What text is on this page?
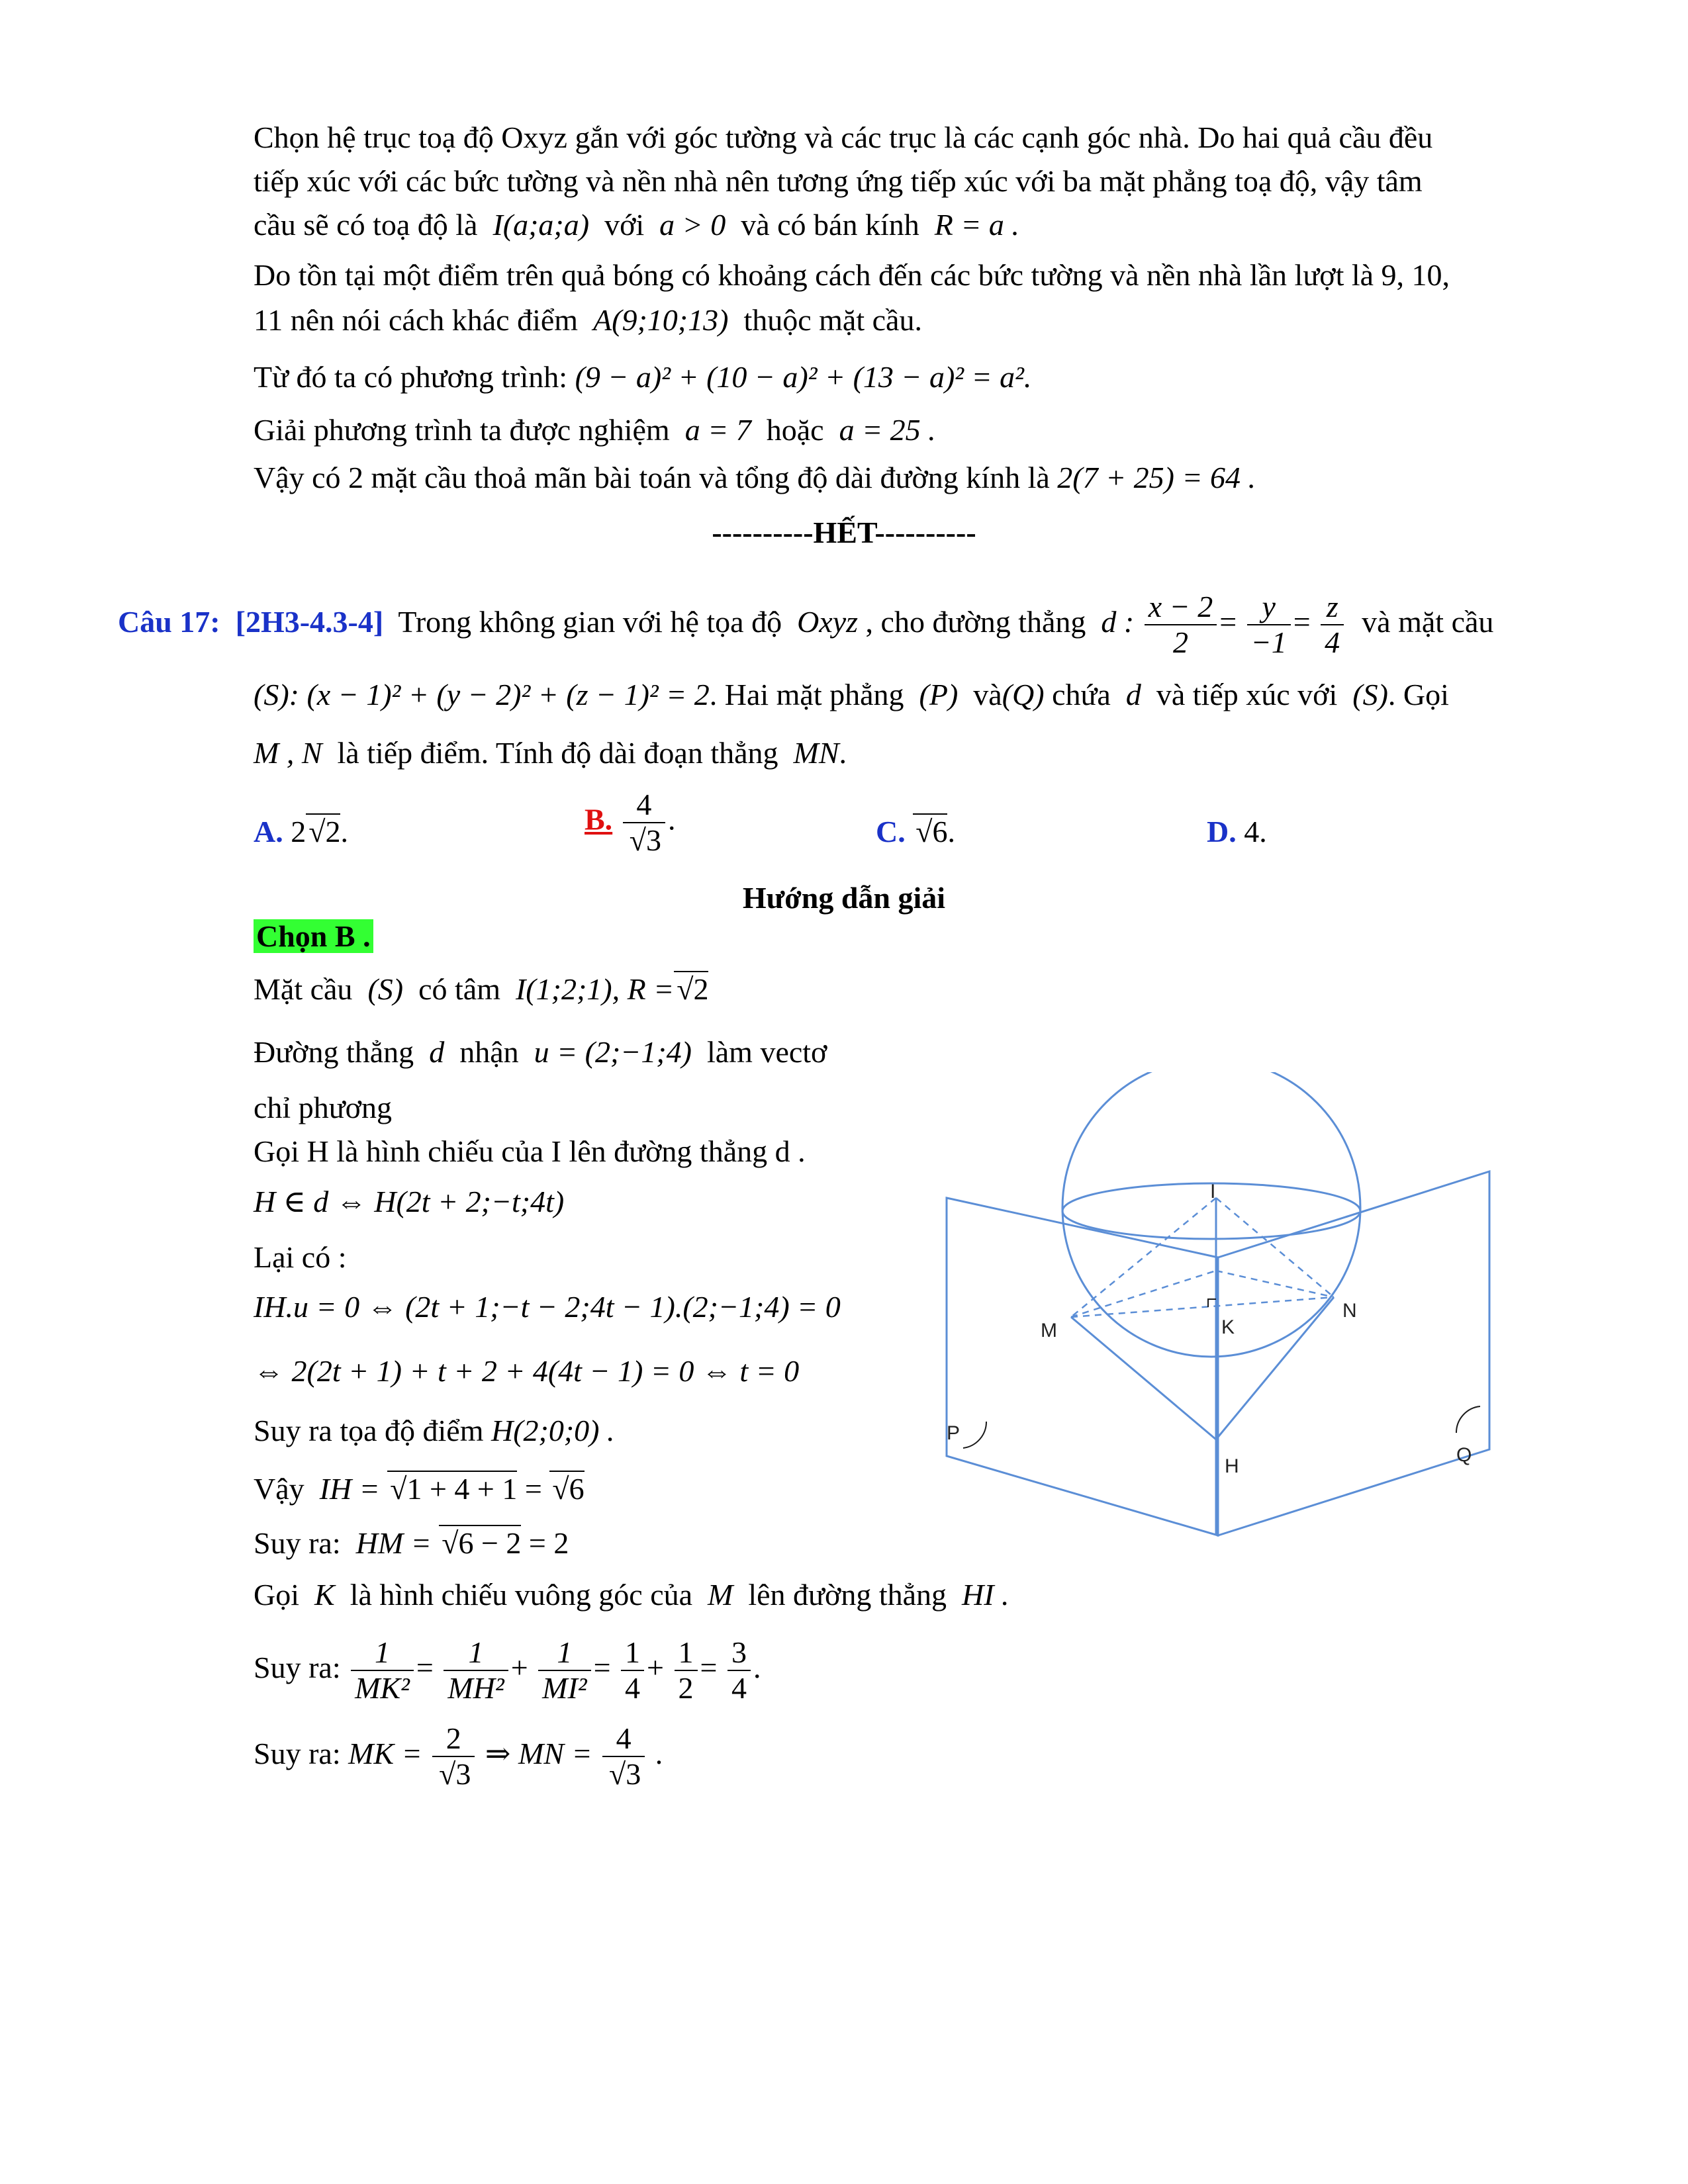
Chọn hệ trục toạ độ Oxyz gắn với góc tường và các trục là các cạnh góc nhà. Do hai quả cầu đều
tiếp xúc với các bức tường và nền nhà nên tương ứng tiếp xúc với ba mặt phẳng toạ độ, vậy tâm
cầu sẽ có toạ độ là I(a;a;a) với a > 0 và có bán kính R = a .
Do tồn tại một điểm trên quả bóng có khoảng cách đến các bức tường và nền nhà lần lượt là 9, 10,
11 nên nói cách khác điểm A(9;10;13) thuộc mặt cầu.
Từ đó ta có phương trình: (9 − a)² + (10 − a)² + (13 − a)² = a².
Giải phương trình ta được nghiệm a = 7 hoặc a = 25 .
Vậy có 2 mặt cầu thoả mãn bài toán và tổng độ dài đường kính là 2(7 + 25) = 64 .
----------HẾT----------
Câu 17: [2H3-4.3-4] Trong không gian với hệ tọa độ Oxyz , cho đường thẳng d : $\frac{x - 2}{2} = \frac{y}{-1} = \frac{z}{4}$ và mặt cầu
(S): (x − 1)² + (y − 2)² + (z − 1)² = 2. Hai mặt phẳng (P) và(Q) chứa d và tiếp xúc với (S). Gọi
M , N là tiếp điểm. Tính độ dài đoạn thẳng MN.
A. 2 √ 2.	B. 4
√ 3 .	C. √ 6.	D. 4.
Hướng dẫn giải
Chọn B .
Mặt cầu (S) có tâm I(1;2;1), R = √ 2
Đường thẳng d nhận u = (2;−1;4) làm vectơ
chỉ phương
Gọi H là hình chiếu của I lên đường thẳng d .
H ∈ d ⇔ H(2t + 2;−t;4t)
Lại có :
IH.u = 0 ⇔ (2t + 1;−t − 2;4t − 1).(2;−1;4) = 0
⇔ 2(2t + 1) + t + 2 + 4(4t − 1) = 0 ⇔ t = 0
Suy ra tọa độ điểm H(2;0;0) .
Vậy IH = √ 1 + 4 + 1 = √ 6
Suy ra: HM = √ 6 − 2 = 2
Gọi K là hình chiếu vuông góc của M lên đường thẳng HI .
Suy ra: $\frac{1}{\text{MK²}} = \frac{1}{\text{MH²}} + \frac{1}{\text{MI²}} = \frac{1}{4} + \frac{1}{2} = \frac{3}{4}$ .
Suy ra: MK = 2
√ 3 ⇒ MN = 4
√ 3 .
I
M	K
N
P
H
Q
